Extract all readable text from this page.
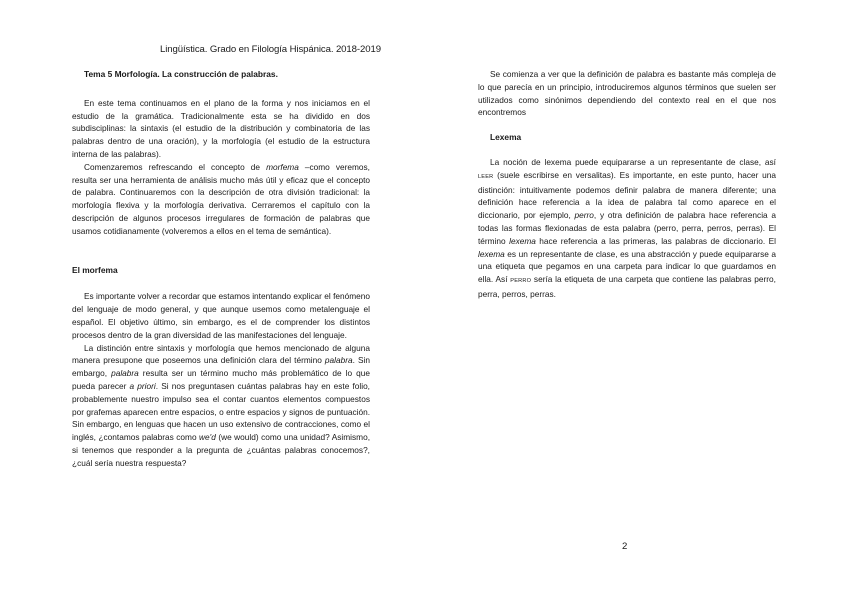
Lingüística. Grado en Filología Hispánica. 2018-2019

Tema 5 Morfología. La construcción de palabras.

En este tema continuamos en el plano de la forma y nos iniciamos en el estudio de la gramática. Tradicionalmente esta se ha dividido en dos subdisciplinas: la sintaxis (el estudio de la distribución y combinatoria de las palabras dentro de una oración), y la morfología (el estudio de la estructura interna de las palabras).

Comenzaremos refrescando el concepto de morfema –como veremos, resulta ser una herramienta de análisis mucho más útil y eficaz que el concepto de palabra. Continuaremos con la descripción de otra división tradicional: la morfología flexiva y la morfología derivativa. Cerraremos el capítulo con la descripción de algunos procesos irregulares de formación de palabras que usamos cotidianamente (volveremos a ellos en el tema de semántica).

El morfema

Es importante volver a recordar que estamos intentando explicar el fenómeno del lenguaje de modo general, y que aunque usemos como metalenguaje el español. El objetivo último, sin embargo, es el de comprender los distintos procesos dentro de la gran diversidad de las manifestaciones del lenguaje.

La distinción entre sintaxis y morfología que hemos mencionado de alguna manera presupone que poseemos una definición clara del término palabra. Sin embargo, palabra resulta ser un término mucho más problemático de lo que pueda parecer a priori. Si nos preguntasen cuántas palabras hay en este folio, probablemente nuestro impulso sea el contar cuantos elementos compuestos por grafemas aparecen entre espacios, o entre espacios y signos de puntuación. Sin embargo, en lenguas que hacen un uso extensivo de contracciones, como el inglés, ¿contamos palabras como we'd (we would) como una unidad? Asimismo, si tenemos que responder a la pregunta de ¿cuántas palabras conocemos?, ¿cuál sería nuestra respuesta?

Se comienza a ver que la definición de palabra es bastante más compleja de lo que parecía en un principio, introduciremos algunos términos que suelen ser utilizados como sinónimos dependiendo del contexto real en el que nos encontremos

Lexema

La noción de lexema puede equipararse a un representante de clase, así LEER (suele escribirse en versalitas). Es importante, en este punto, hacer una distinción: intuitivamente podemos definir palabra de manera diferente; una definición hace referencia a la idea de palabra tal como aparece en el diccionario, por ejemplo, perro, y otra definición de palabra hace referencia a todas las formas flexionadas de esta palabra (perro, perra, perros, perras). El término lexema hace referencia a las primeras, las palabras de diccionario. El lexema es un representante de clase, es una abstracción y puede equipararse a una etiqueta que pegamos en una carpeta para indicar lo que guardamos en ella. Así PERRO sería la etiqueta de una carpeta que contiene las palabras perro, perra, perros, perras.

2
